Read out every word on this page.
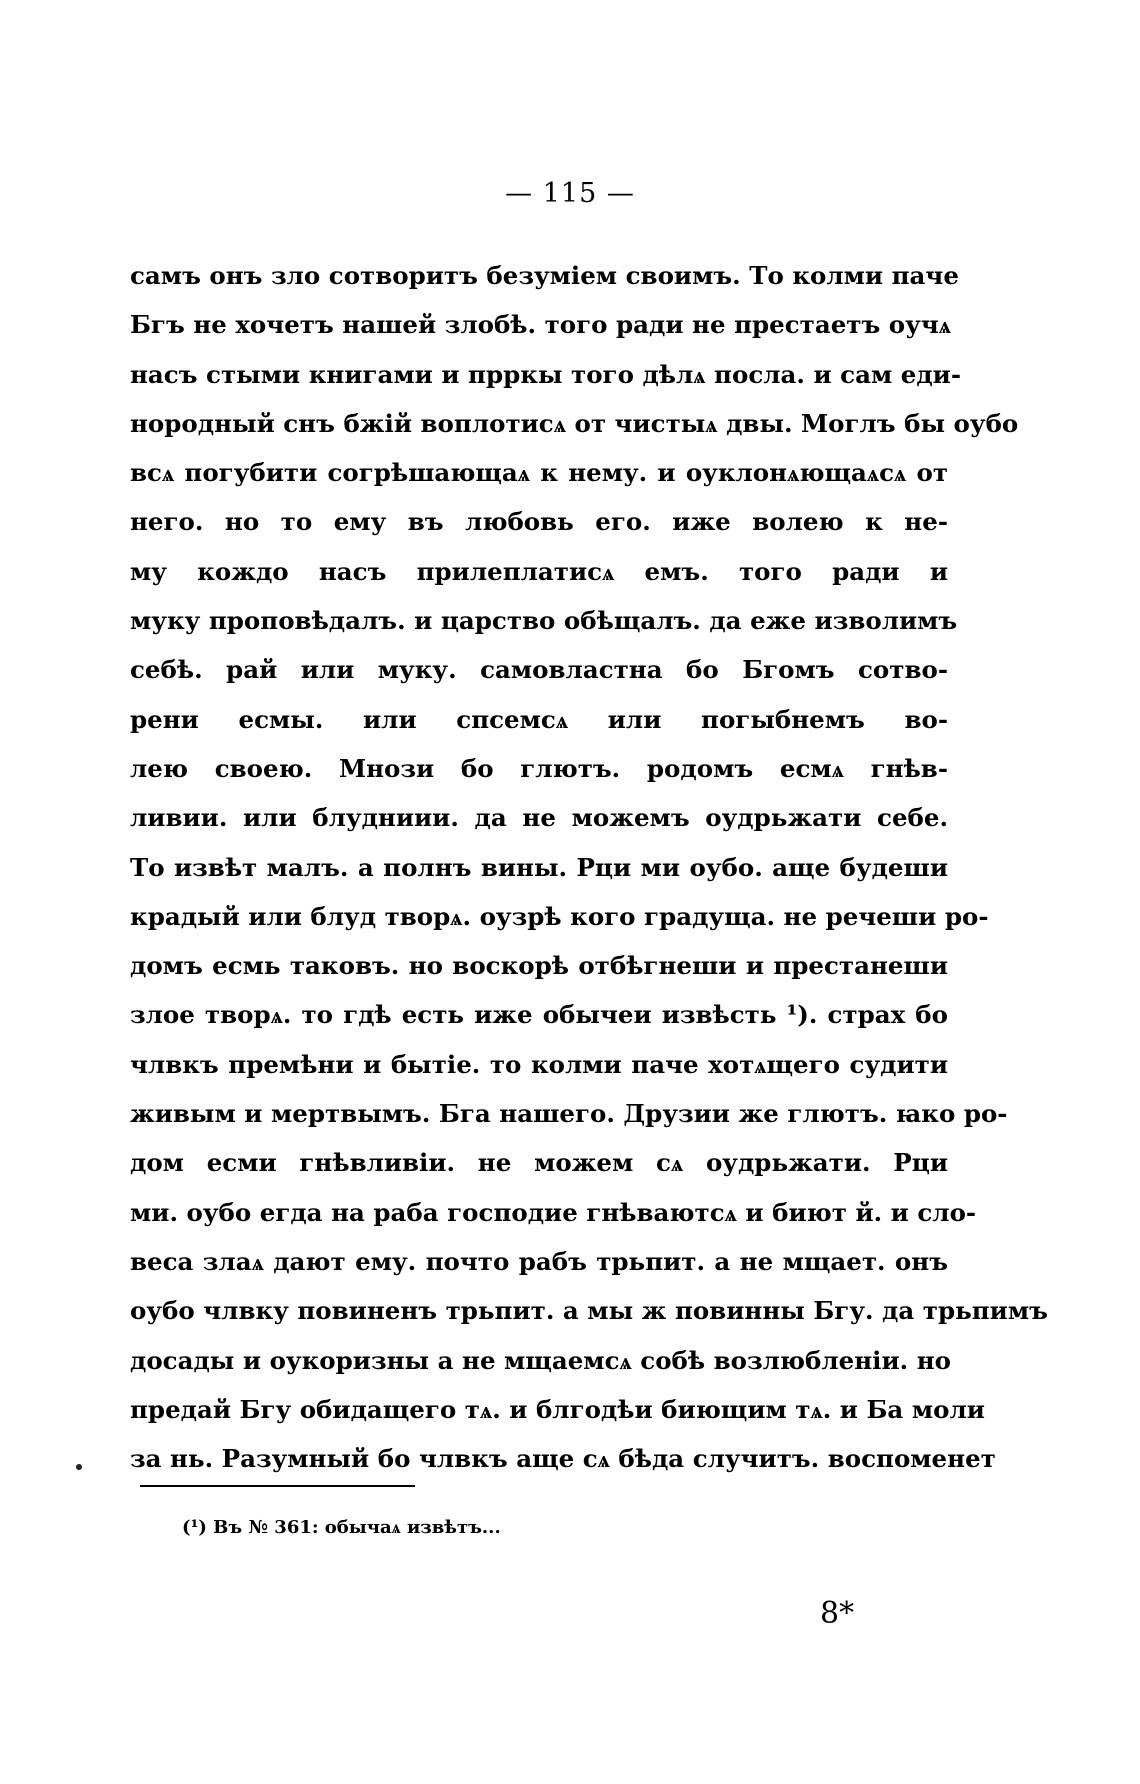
— 115 —
самъ онъ зло сотворитъ безуміем своимъ. То колми паче
Бгъ не хочетъ нашей злобѣ. того ради не престаетъ оучѧ
насъ стыми книгами и прркы того дѣлѧ посла. и сам еди-
нородный снъ бжій воплотисѧ от чистыѧ двы. Моглъ бы оубо
всѧ погубити согрѣшающаѧ к нему. и оуклонѧющаѧсѧ от
него. но то ему въ любовь его. иже волею к не-
му кождо насъ прилеплатисѧ емъ. того ради и
муку проповѣдалъ. и царство обѣщалъ. да еже изволимъ
себѣ. рай или муку. самовластна бо Бгомъ сотво-
рени есмы. или спсемсѧ или погыбнемъ во-
лею своею. Мнози бо глютъ. родомъ есмѧ гнѣв-
ливии. или блудниии. да не можемъ оудрьжати себе.
То извѣт малъ. а полнъ вины. Рци ми оубо. аще будеши
крадый или блуд творѧ. оузрѣ кого градуща. не речеши ро-
домъ есмь таковъ. но воскорѣ отбѣгнеши и престанеши
злое творѧ. то гдѣ есть иже обычеи извѣсть ¹). страх бо
члвкъ премѣни и бытіе. то колми паче хотѧщего судити
живым и мертвымъ. Бга нашего. Друзии же глютъ. ꙗко ро-
дом есми гнѣвливіи. не можем сѧ оудрьжати. Рци
ми. оубо егда на раба господие гнѣваютсѧ и биют й. и сло-
веса злаѧ дают ему. почто рабъ трьпит. а не мщает. онъ
оубо члвку повиненъ трьпит. а мы ж повинны Бгу. да трьпимъ
досады и оукоризны а не мщаемсѧ собѣ возлюбленіи. но
предай Бгу обидащего тѧ. и блгодѣи биющим тѧ. и Ба моли
за нь. Разумный бо члвкъ аще сѧ бѣда случитъ. воспоменет
(¹) Въ № 361: обычаѧ извѣтъ...
8*
